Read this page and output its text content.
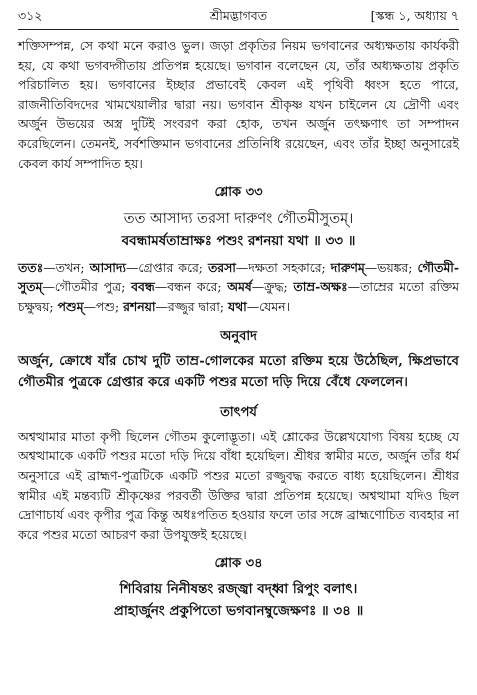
৩১২	শ্রীমদ্ভাগবত	[স্কন্ধ ১, অধ্যায় ৭

শক্তিসম্পন্ন, সে কথা মনে করাও ভুল। জড়া প্রকৃতির নিয়ম ভগবানের অধ্যক্ষতায় কার্যকরী হয়, যে কথা ভগবদ্গীতায় প্রতিপন্ন হয়েছে। ভগবান বলেছেন যে, তাঁর অধ্যক্ষতায় প্রকৃতি পরিচালিত হয়। ভগবানের ইচ্ছার প্রভাবেই কেবল এই পৃথিবী ধ্বংস হতে পারে, রাজনীতিবিদদের খামখেয়ালীর দ্বারা নয়। ভগবান শ্রীকৃষ্ণ যখন চাইলেন যে দ্রৌণী এবং অর্জুন উভয়ের অস্ত্র দুটিই সংবরণ করা হোক, তখন অর্জুন তৎক্ষণাৎ তা সম্পাদন করেছিলেন। তেমনই, সর্বশক্তিমান ভগবানের প্রতিনিধি রয়েছেন, এবং তাঁর ইচ্ছা অনুসারেই কেবল কার্য সম্পাদিত হয়।

শ্লোক ৩৩

তত আসাদ্য তরসা দারুণং গৌতমীসুতম্‌।

ববন্ধামর্ষতাম্রাক্ষঃ পশুং রশনয়া যথা ॥ ৩৩ ॥

ততঃ—তখন; আসাদ্য—গ্রেপ্তার করে; তরসা—দক্ষতা সহকারে; দারুণম্—ভয়ঙ্কর; গৌতমী-সুতম্—গৌতমীর পুত্র; ববন্ধ—বন্ধন করে; অমর্ষ—ক্রুদ্ধ; তাম্র-অক্ষঃ—তাম্রের মতো রক্তিম চক্ষুদ্বয়; পশুম্—পশু; রশনয়া—রজ্জুর দ্বারা; যথা—যেমন।

অনুবাদ

অর্জুন, ক্রোধে যাঁর চোখ দুটি তাম্র-গোলকের মতো রক্তিম হয়ে উঠেছিল, ক্ষিপ্রভাবে গৌতমীর পুত্রকে গ্রেপ্তার করে একটি পশুর মতো দড়ি দিয়ে বেঁধে ফেললেন।

তাৎপর্য

অশ্বত্থামার মাতা কৃপী ছিলেন গৌতম কুলোদ্ভূতা। এই শ্লোকের উল্লেখযোগ্য বিষয় হচ্ছে যে অশ্বত্থামাকে একটি পশুর মতো দড়ি দিয়ে বাঁধা হয়েছিল। শ্রীধর স্বামীর মতে, অর্জুন তাঁর ধর্ম অনুসারে এই ব্রাহ্মণ-পুত্রটিকে একটি পশুর মতো রজ্জুবদ্ধ করতে বাধ্য হয়েছিলেন। শ্রীধর স্বামীর এই মন্তব্যটি শ্রীকৃষ্ণের পরবর্তী উক্তির দ্বারা প্রতিপন্ন হয়েছে। অশ্বত্থামা যদিও ছিল দ্রোণাচার্য এবং কৃপীর পুত্র কিন্তু অধঃপতিত হওয়ার ফলে তার সঙ্গে ব্রাহ্মণোচিত ব্যবহার না করে পশুর মতো আচরণ করা উপযুক্তই হয়েছে।

শ্লোক ৩৪

শিবিরায় নিনীষন্তং রজ্জ্বা বদ্ধ্বা রিপুং বলাৎ।

প্রাহার্জুনং প্রকুপিতো ভগবানম্বুজেক্ষণঃ ॥ ৩৪ ॥
